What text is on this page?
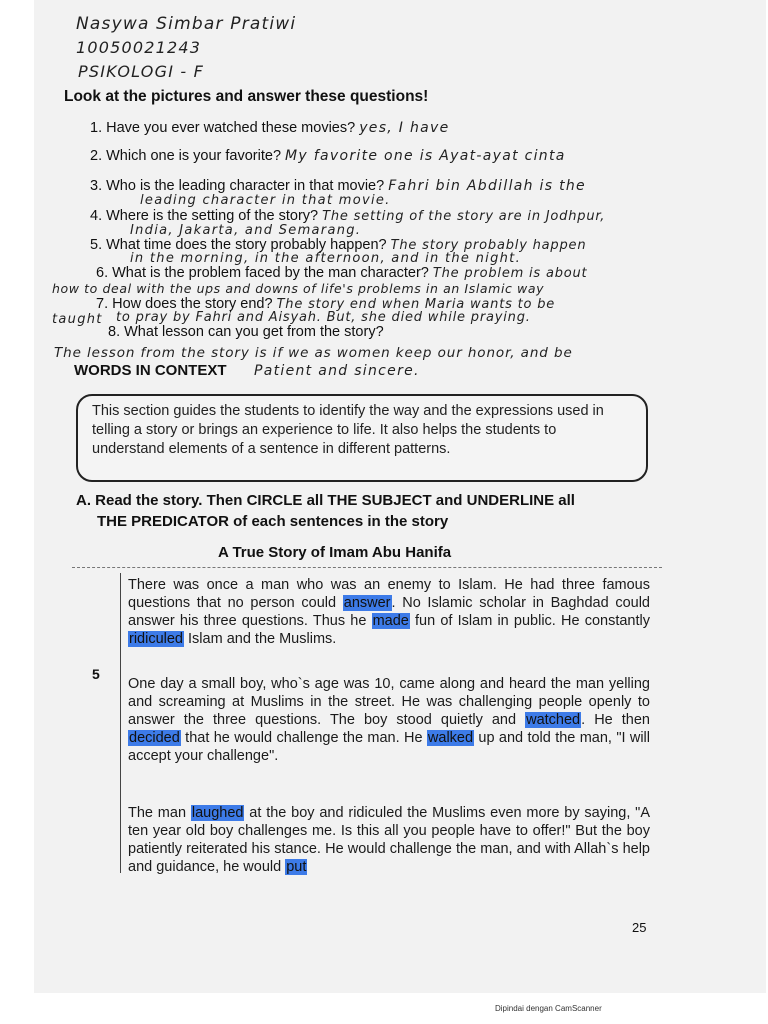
Nasywa Simbar Pratiwi
10050021243
PSIKOLOGI - F
Look at the pictures and answer these questions!
1. Have you ever watched these movies? yes, I have
2. Which one is your favorite? My favorite one is Ayat-ayat cinta
3. Who is the leading character in that movie? Fahri bin Abdillah is the
leading character in that movie.
4. Where is the setting of the story? The setting of the story are in Jodhpur,
India, Jakarta, and Semarang.
5. What time does the story probably happen? The story probably happen
in the morning, in the afternoon, and in the night.
6. What is the problem faced by the man character? The problem is about
how to deal with the ups and downs of life's problems in an Islamic way
7. How does the story end? The story end when Maria wants to be
taught to pray by Fahri and Aisyah. But, she died while praying.
8. What lesson can you get from the story?
The lesson from the story is if we as women keep our honor, and be
WORDS IN CONTEXT Patient and sincere.

This section guides the students to identify the way and the expressions used in telling a story or brings an experience to life. It also helps the students to understand elements of a sentence in different patterns.

A. Read the story. Then CIRCLE all THE SUBJECT and UNDERLINE all
THE PREDICATOR of each sentences in the story
A True Story of Imam Abu Hanifa
5
There was once a man who was an enemy to Islam. He had three famous questions that no person could answer. No Islamic scholar in Baghdad could answer his three questions. Thus he made fun of Islam in public. He constantly ridiculed Islam and the Muslims.
One day a small boy, who`s age was 10, came along and heard the man yelling and screaming at Muslims in the street. He was challenging people openly to answer the three questions. The boy stood quietly and watched. He then decided that he would challenge the man. He walked up and told the man, "I will accept your challenge".
The man laughed at the boy and ridiculed the Muslims even more by saying, "A ten year old boy challenges me. Is this all you people have to offer!" But the boy patiently reiterated his stance. He would challenge the man, and with Allah`s help and guidance, he would put
25
Dipindai dengan CamScanner
